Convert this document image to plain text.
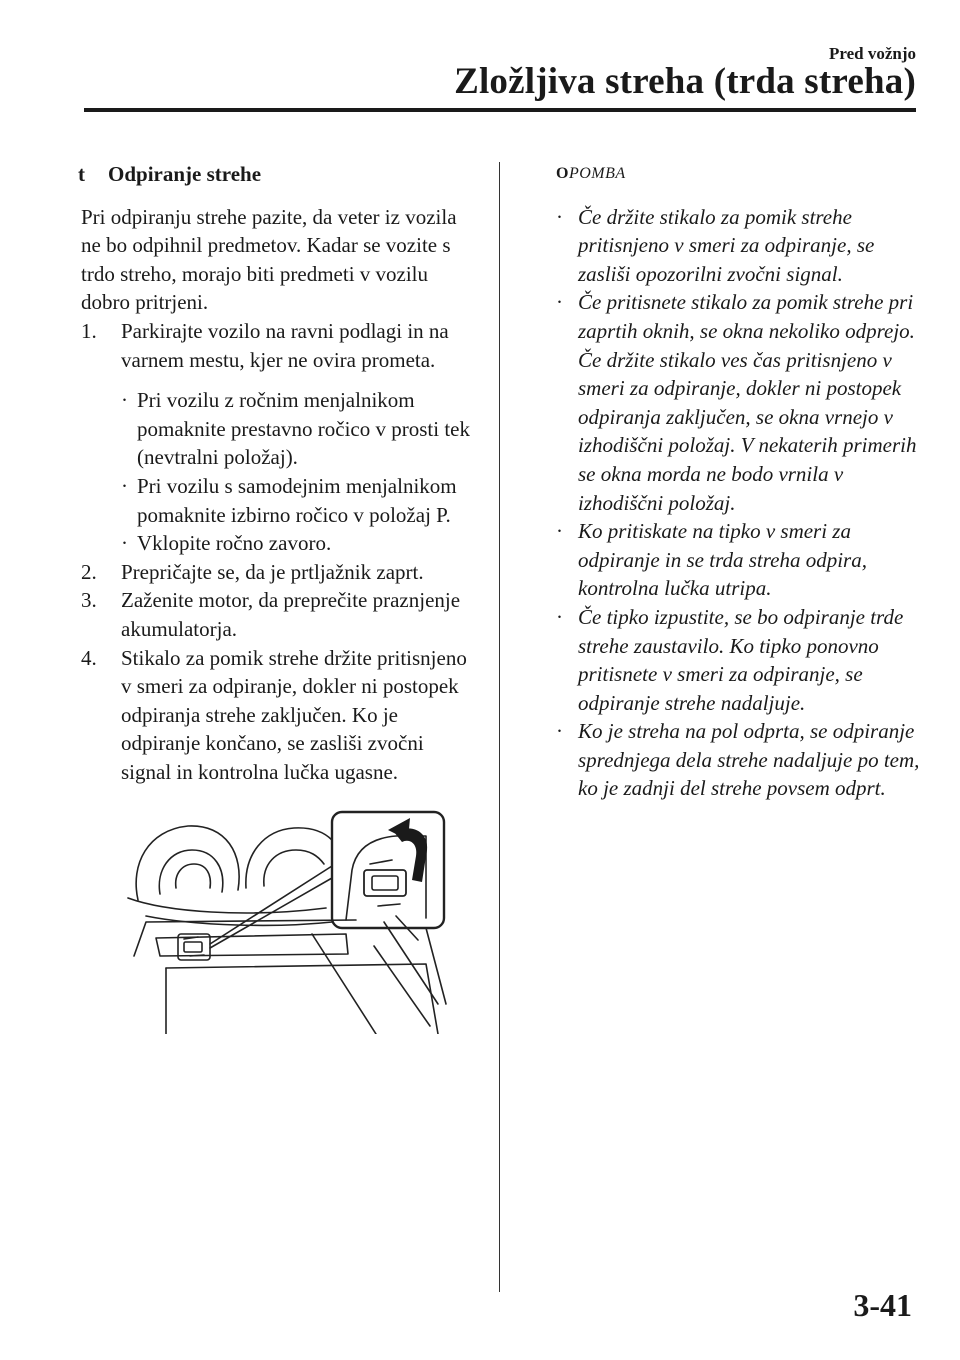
Pred vožnjo
Zložljiva streha (trda streha)
t	Odpiranje strehe

Pri odpiranju strehe pazite, da veter iz vozila ne bo odpihnil predmetov. Kadar se vozite s trdo streho, morajo biti predmeti v vozilu dobro pritrjeni.

1.	Parkirajte vozilo na ravni podlagi in na varnem mestu, kjer ne ovira prometa.
· Pri vozilu z ročnim menjalnikom pomaknite prestavno ročico v prosti tek (nevtralni položaj).
· Pri vozilu s samodejnim menjalnikom pomaknite izbirno ročico v položaj P.
· Vklopite ročno zavoro.
2.	Prepričajte se, da je prtljažnik zaprt.
3.	Zaženite motor, da preprečite praznjenje akumulatorja.
4.	Stikalo za pomik strehe držite pritisnjeno v smeri za odpiranje, dokler ni postopek odpiranja strehe zaključen. Ko je odpiranje končano, se zasliši zvočni signal in kontrolna lučka ugasne.
OPOMBA
· Če držite stikalo za pomik strehe pritisnjeno v smeri za odpiranje, se zasliši opozorilni zvočni signal.
· Če pritisnete stikalo za pomik strehe pri zaprtih oknih, se okna nekoliko odprejo. Če držite stikalo ves čas pritisnjeno v smeri za odpiranje, dokler ni postopek odpiranja zaključen, se okna vrnejo v izhodiščni položaj. V nekaterih primerih se okna morda ne bodo vrnila v izhodiščni položaj.
· Ko pritiskate na tipko v smeri za odpiranje in se trda streha odpira, kontrolna lučka utripa.
· Če tipko izpustite, se bo odpiranje trde strehe zaustavilo. Ko tipko ponovno pritisnete v smeri za odpiranje, se odpiranje strehe nadaljuje.
· Ko je streha na pol odprta, se odpiranje sprednjega dela strehe nadaljuje po tem, ko je zadnji del strehe povsem odprt.
3-41
